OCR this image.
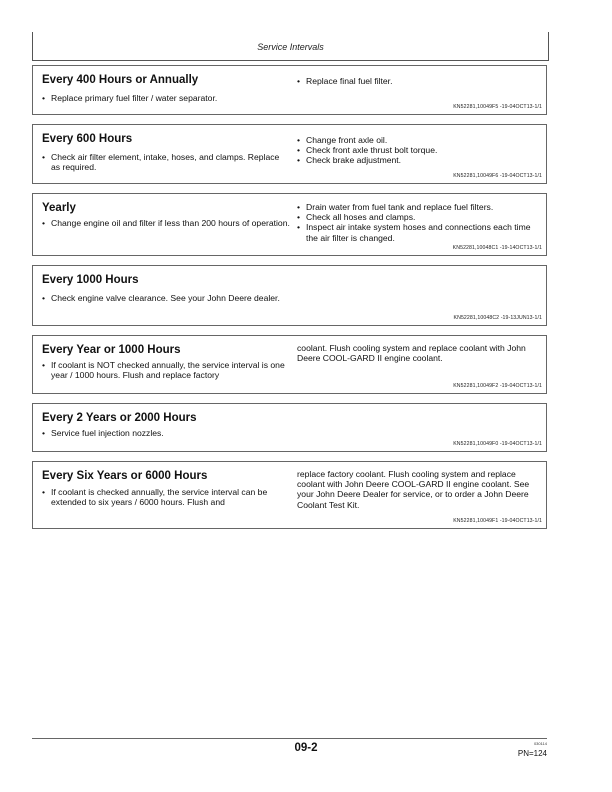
Service Intervals
Every 400 Hours or Annually
• Replace primary fuel filter / water separator.
• Replace final fuel filter.
KN52281,10049F5 -19-04OCT13-1/1
Every 600 Hours
• Check air filter element, intake, hoses, and clamps. Replace as required.
• Change front axle oil.
• Check front axle thrust bolt torque.
• Check brake adjustment.
KN52281,10049F6 -19-04OCT13-1/1
Yearly
• Change engine oil and filter if less than 200 hours of operation.
• Drain water from fuel tank and replace fuel filters.
• Check all hoses and clamps.
• Inspect air intake system hoses and connections each time the air filter is changed.
KN52281,10048C1 -19-14OCT13-1/1
Every 1000 Hours
• Check engine valve clearance. See your John Deere dealer.
KN52281,10048C2 -19-13JUN13-1/1
Every Year or 1000 Hours
• If coolant is NOT checked annually, the service interval is one year / 1000 hours. Flush and replace factory

coolant. Flush cooling system and replace coolant with John Deere COOL-GARD II engine coolant.

KN52281,10049F2 -19-04OCT13-1/1
Every 2 Years or 2000 Hours
• Service fuel injection nozzles.
KN52281,10049F0 -19-04OCT13-1/1
Every Six Years or 6000 Hours
• If coolant is checked annually, the service interval can be extended to six years / 6000 hours. Flush and

replace factory coolant. Flush cooling system and replace coolant with John Deere COOL-GARD II engine coolant. See your John Deere Dealer for service, or to order a John Deere Coolant Test Kit.

KN52281,10049F1 -19-04OCT13-1/1
09-2	030114
PN=124
